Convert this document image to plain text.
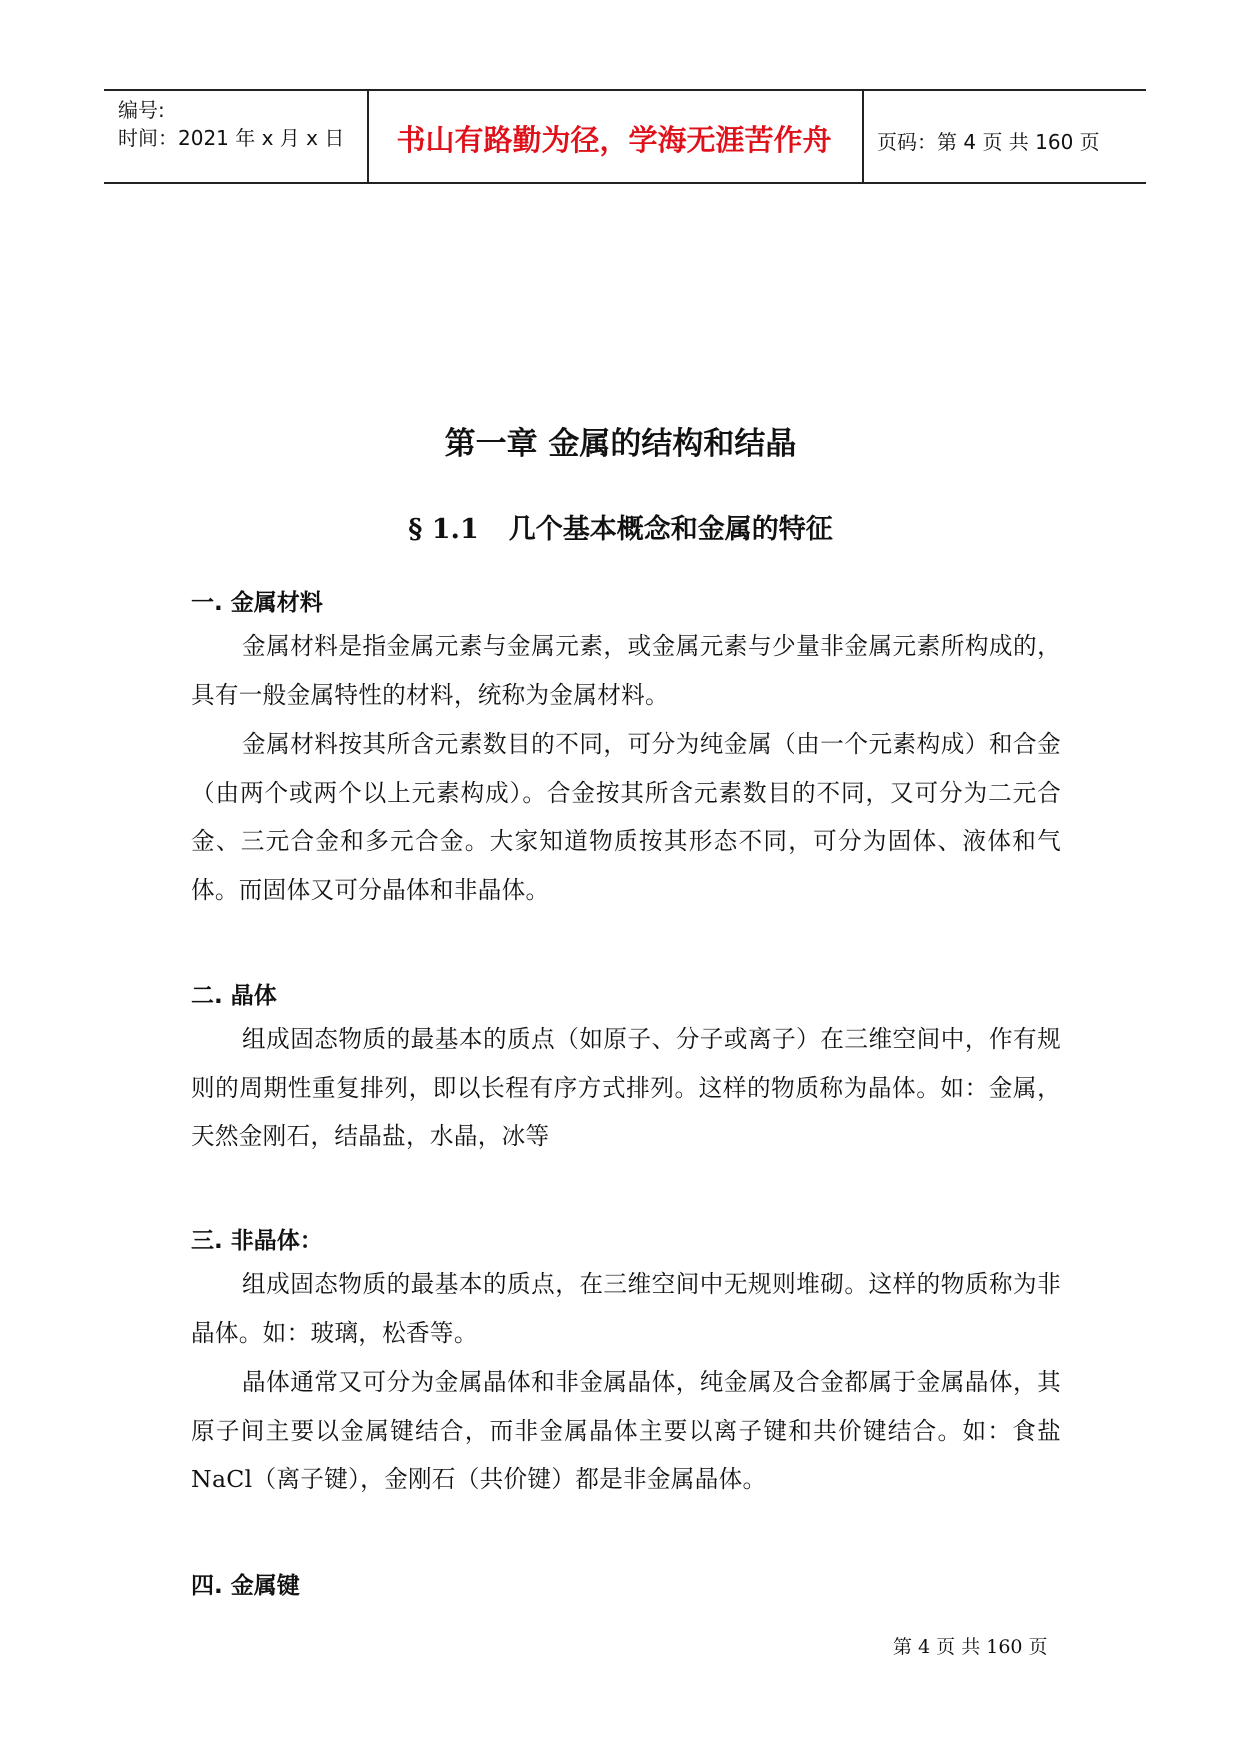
编号:
时间：2021 年 x 月 x 日	书山有路勤为径，学海无涯苦作舟	页码：第 4 页 共 160 页
第一章 金属的结构和结晶
§ 1.1 几个基本概念和金属的特征
一. 金属材料
金属材料是指金属元素与金属元素，或金属元素与少量非金属元素所构成的，具有一般金属特性的材料，统称为金属材料。
金属材料按其所含元素数目的不同，可分为纯金属（由一个元素构成）和合金（由两个或两个以上元素构成）。合金按其所含元素数目的不同，又可分为二元合金、三元合金和多元合金。大家知道物质按其形态不同，可分为固体、液体和气体。而固体又可分晶体和非晶体。
二. 晶体
组成固态物质的最基本的质点（如原子、分子或离子）在三维空间中，作有规则的周期性重复排列，即以长程有序方式排列。这样的物质称为晶体。如：金属，天然金刚石，结晶盐，水晶，冰等
三. 非晶体：
组成固态物质的最基本的质点，在三维空间中无规则堆砌。这样的物质称为非晶体。如：玻璃，松香等。
晶体通常又可分为金属晶体和非金属晶体，纯金属及合金都属于金属晶体，其原子间主要以金属键结合，而非金属晶体主要以离子键和共价键结合。如：食盐 NaCl（离子键），金刚石（共价键）都是非金属晶体。
四. 金属键
第 4 页 共 160 页
